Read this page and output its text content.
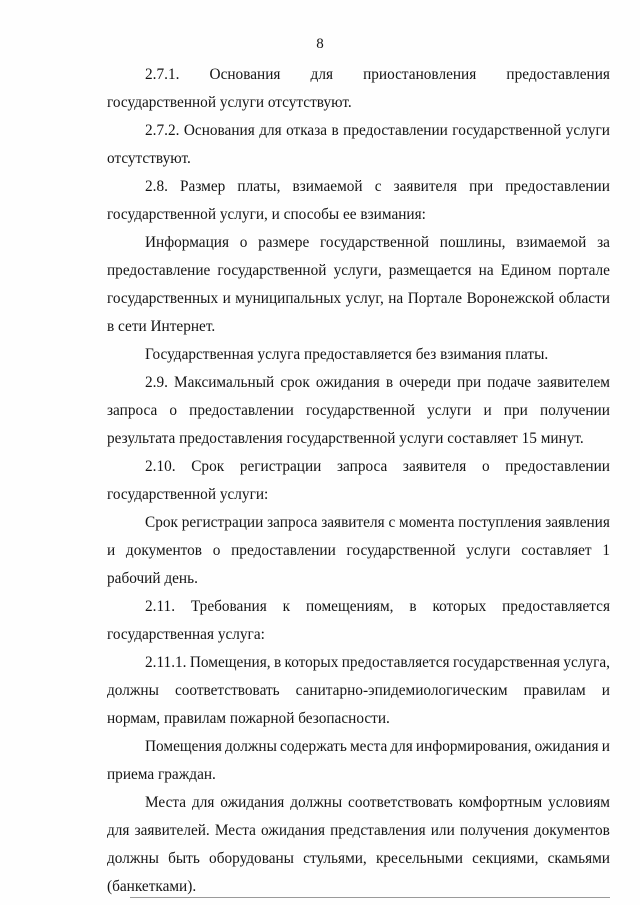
8
2.7.1. Основания для приостановления предоставления
государственной услуги отсутствуют.
2.7.2. Основания для отказа в предоставлении государственной услуги
отсутствуют.
2.8. Размер платы, взимаемой с заявителя при предоставлении
государственной услуги, и способы ее взимания:
Информация о размере государственной пошлины, взимаемой за
предоставление государственной услуги, размещается на Едином портале
государственных и муниципальных услуг, на Портале Воронежской области
в сети Интернет.
Государственная услуга предоставляется без взимания платы.
2.9. Максимальный срок ожидания в очереди при подаче заявителем
запроса о предоставлении государственной услуги и при получении
результата предоставления государственной услуги составляет 15 минут.
2.10. Срок регистрации запроса заявителя о предоставлении
государственной услуги:
Срок регистрации запроса заявителя с момента поступления заявления
и документов о предоставлении государственной услуги составляет 1
рабочий день.
2.11. Требования к помещениям, в которых предоставляется
государственная услуга:
2.11.1. Помещения, в которых предоставляется государственная услуга,
должны соответствовать санитарно-эпидемиологическим правилам и
нормам, правилам пожарной безопасности.
Помещения должны содержать места для информирования, ожидания и
приема граждан.
Места для ожидания должны соответствовать комфортным условиям
для заявителей. Места ожидания представления или получения документов
должны быть оборудованы стульями, кресельными секциями, скамьями
(банкетками).
